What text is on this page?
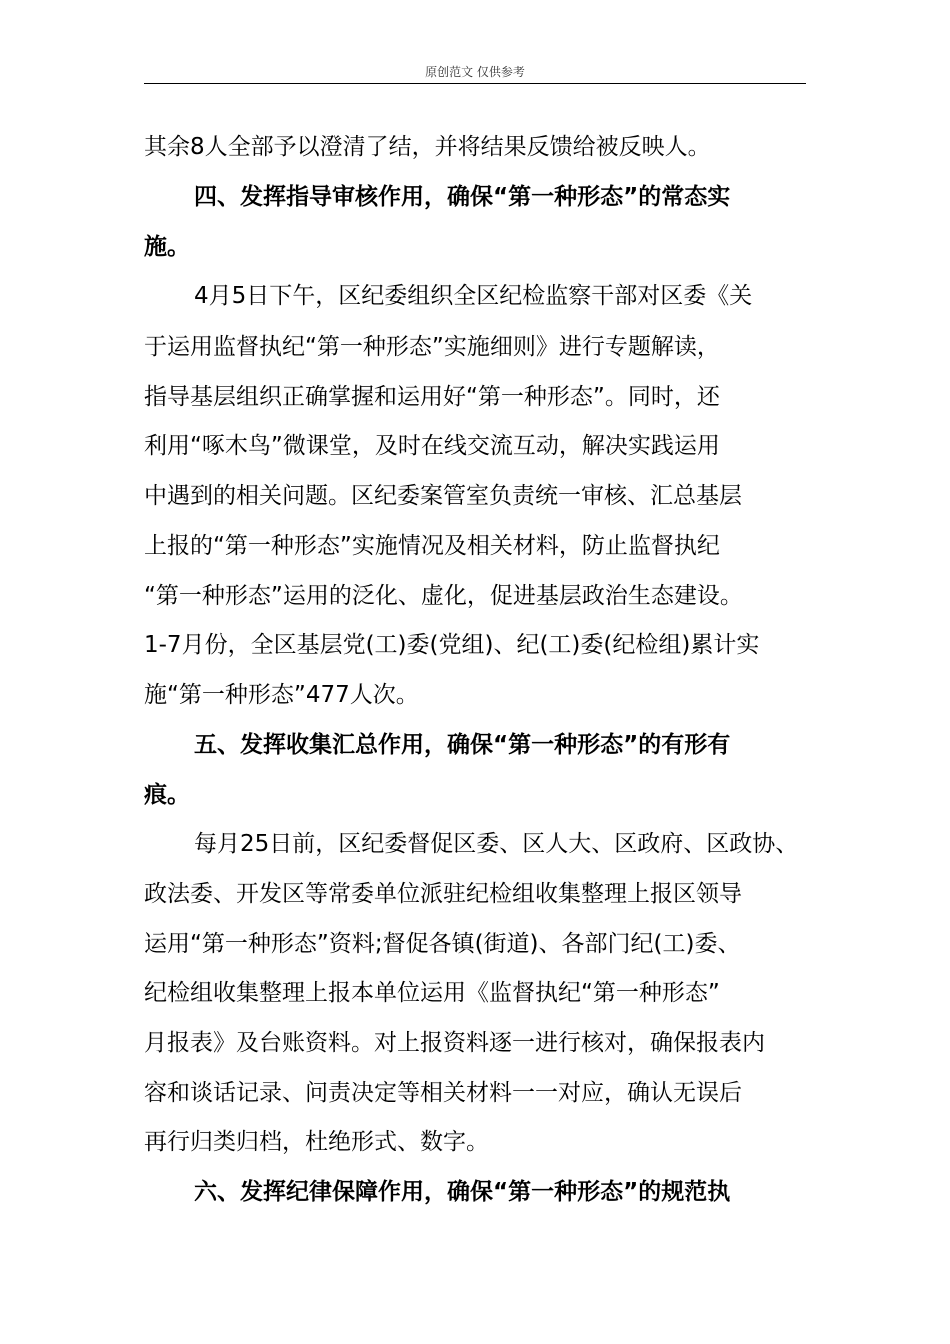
原创范文 仅供参考
其余8人全部予以澄清了结，并将结果反馈给被反映人。
四、发挥指导审核作用，确保“第一种形态”的常态实
施。
4月5日下午，区纪委组织全区纪检监察干部对区委《关
于运用监督执纪“第一种形态”实施细则》进行专题解读，
指导基层组织正确掌握和运用好“第一种形态”。同时，还
利用“啄木鸟”微课堂，及时在线交流互动，解决实践运用
中遇到的相关问题。区纪委案管室负责统一审核、汇总基层
上报的“第一种形态”实施情况及相关材料，防止监督执纪
“第一种形态”运用的泛化、虚化，促进基层政治生态建设。
1-7月份，全区基层党(工)委(党组)、纪(工)委(纪检组)累计实
施“第一种形态”477人次。
五、发挥收集汇总作用，确保“第一种形态”的有形有
痕。
每月25日前，区纪委督促区委、区人大、区政府、区政协、
政法委、开发区等常委单位派驻纪检组收集整理上报区领导
运用“第一种形态”资料;督促各镇(街道)、各部门纪(工)委、
纪检组收集整理上报本单位运用《监督执纪“第一种形态”
月报表》及台账资料。对上报资料逐一进行核对，确保报表内
容和谈话记录、问责决定等相关材料一一对应，确认无误后
再行归类归档，杜绝形式、数字。
六、发挥纪律保障作用，确保“第一种形态”的规范执
